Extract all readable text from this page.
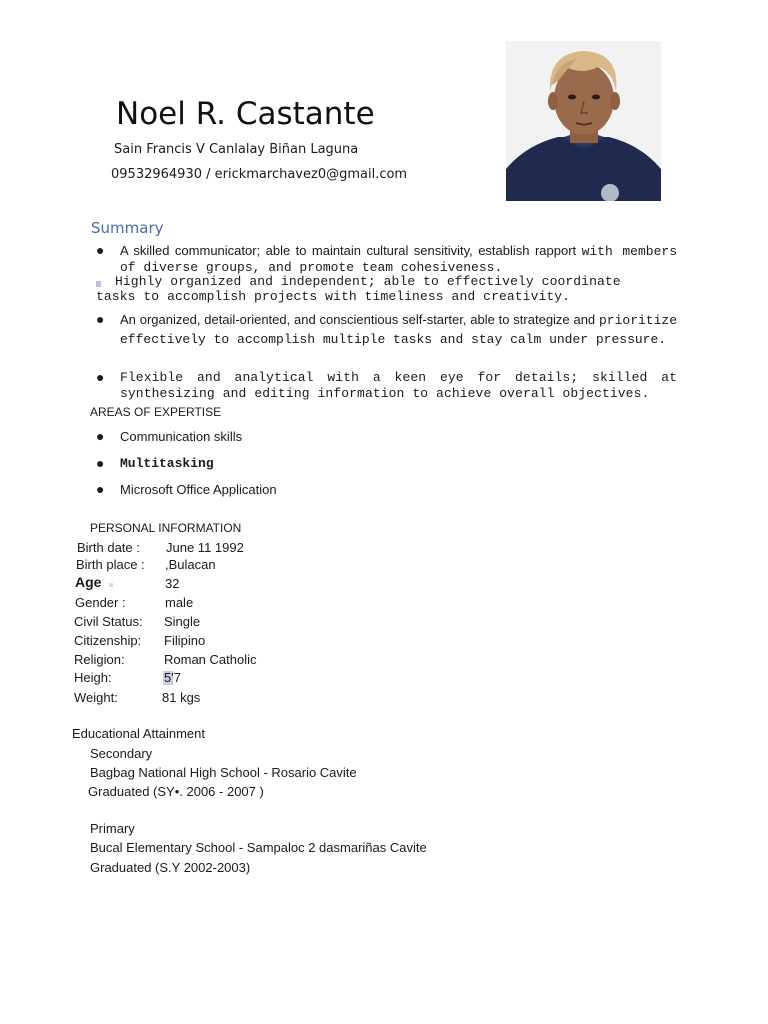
Noel R. Castante
Sain Francis V Canlalay Biñan Laguna
09532964930 / erickmarchavez0@gmail.com
Summary
● A skilled communicator; able to maintain cultural sensitivity, establish rapport with members of diverse groups, and promote team cohesiveness.
Highly organized and independent; able to effectively coordinate
tasks to accomplish projects with timeliness and creativity.
● An organized, detail-oriented, and conscientious self-starter, able to strategize and prioritize effectively to accomplish multiple tasks and stay calm under pressure.
● Flexible and analytical with a keen eye for details; skilled at synthesizing and editing information to achieve overall objectives.
AREAS OF EXPERTISE
● Communication skills
● Multitasking
● Microsoft Office Application
PERSONAL INFORMATION
Birth date : June 11 1992
Birth place : ,Bulacan
Age	32
Gender :	male
Civil Status: Single
Citizenship: Filipino
Religion:	Roman Catholic
Heigh:	5'7
Weight:	81 kgs
Educational Attainment
Secondary
Bagbag National High School - Rosario Cavite
Graduated (SY•. 2006 - 2007 )
Primary
Bucal Elementary School - Sampaloc 2 dasmariñas Cavite
Graduated (S.Y 2002-2003)
